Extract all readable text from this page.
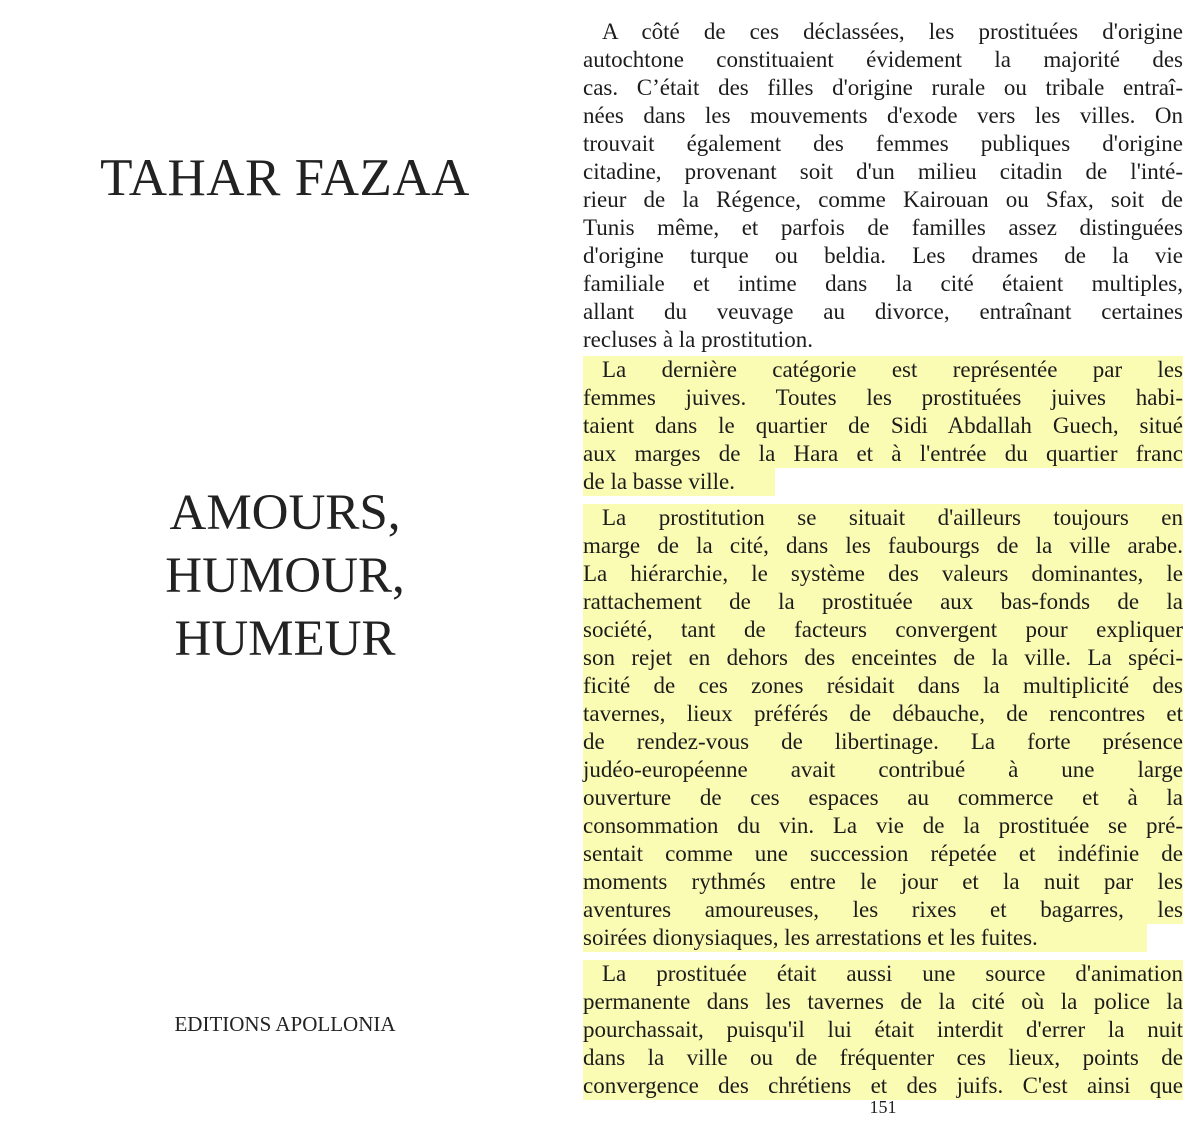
TAHAR FAZAA
AMOURS,
HUMOUR,
HUMEUR
EDITIONS APOLLONIA
A côté de ces déclassées, les prostituées d'origine
autochtone constituaient évidement la majorité des
cas. C’était des filles d'origine rurale ou tribale entraî-
nées dans les mouvements d'exode vers les villes. On
trouvait également des femmes publiques d'origine
citadine, provenant soit d'un milieu citadin de l'inté-
rieur de la Régence, comme Kairouan ou Sfax, soit de
Tunis même, et parfois de familles assez distinguées
d'origine turque ou beldia. Les drames de la vie
familiale et intime dans la cité étaient multiples,
allant du veuvage au divorce, entraînant certaines
recluses à la prostitution.
La dernière catégorie est représentée par les
femmes juives. Toutes les prostituées juives habi-
taient dans le quartier de Sidi Abdallah Guech, situé
aux marges de la Hara et à l'entrée du quartier franc
de la basse ville.
La prostitution se situait d'ailleurs toujours en
marge de la cité, dans les faubourgs de la ville arabe.
La hiérarchie, le système des valeurs dominantes, le
rattachement de la prostituée aux bas-fonds de la
société, tant de facteurs convergent pour expliquer
son rejet en dehors des enceintes de la ville. La spéci-
ficité de ces zones résidait dans la multiplicité des
tavernes, lieux préférés de débauche, de rencontres et
de rendez-vous de libertinage. La forte présence
judéo-européenne avait contribué à une large
ouverture de ces espaces au commerce et à la
consommation du vin. La vie de la prostituée se pré-
sentait comme une succession répetée et indéfinie de
moments rythmés entre le jour et la nuit par les
aventures amoureuses, les rixes et bagarres, les
soirées dionysiaques, les arrestations et les fuites.
La prostituée était aussi une source d'animation
permanente dans les tavernes de la cité où la police la
pourchassait, puisqu'il lui était interdit d'errer la nuit
dans la ville ou de fréquenter ces lieux, points de
convergence des chrétiens et des juifs. C'est ainsi que
151
